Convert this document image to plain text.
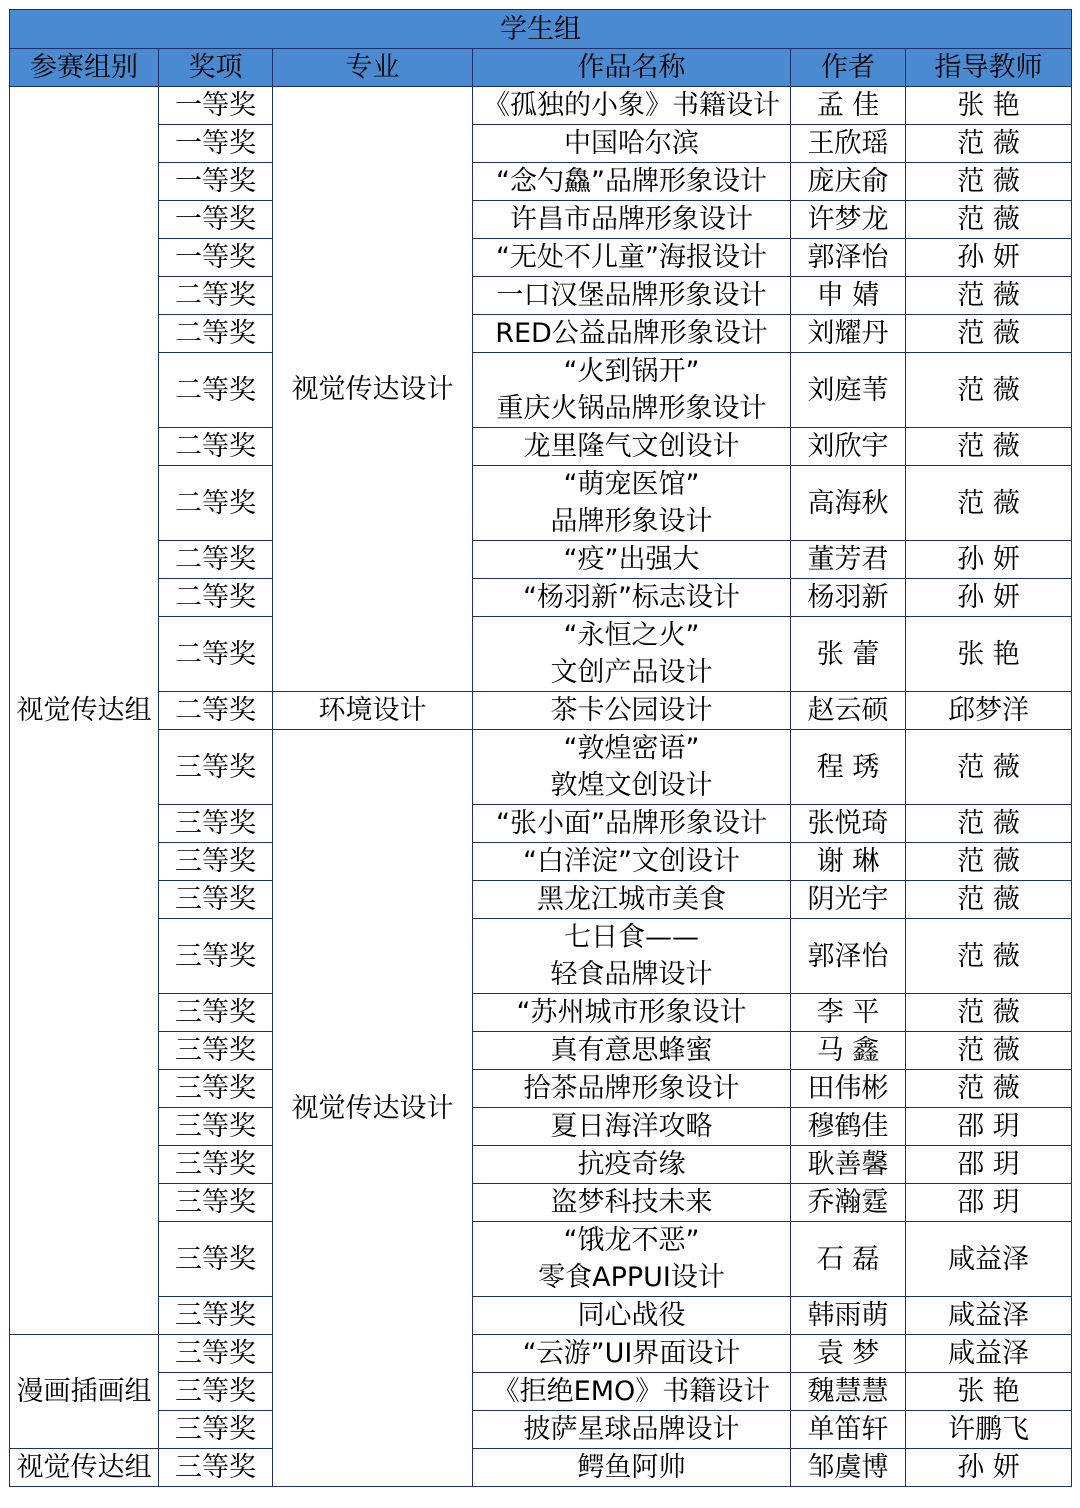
学生组					
参赛组别	奖项	专业	作品名称	作者	指导教师
视觉传达组	一等奖	视觉传达设计	《孤独的小象》书籍设计	孟 佳	张 艳
	一等奖		中国哈尔滨	王欣瑶	范 薇
	一等奖		“念勺鱻”品牌形象设计	庞庆俞	范 薇
	一等奖		许昌市品牌形象设计	许梦龙	范 薇
	一等奖		“无处不儿童”海报设计	郭泽怡	孙 妍
	二等奖		一口汉堡品牌形象设计	申 婧	范 薇
	二等奖		RED公益品牌形象设计	刘耀丹	范 薇
	二等奖		“火到锅开”
重庆火锅品牌形象设计	刘庭苇	范 薇
	二等奖		龙里隆气文创设计	刘欣宇	范 薇
	二等奖		“萌宠医馆”
品牌形象设计	高海秋	范 薇
	二等奖		“疫”出强大	董芳君	孙 妍
	二等奖		“杨羽新”标志设计	杨羽新	孙 妍
	二等奖		“永恒之火”
文创产品设计	张 蕾	张 艳
	二等奖	环境设计	茶卡公园设计	赵云硕	邱梦洋
	三等奖	视觉传达设计	“敦煌密语”
敦煌文创设计	程 琇	范 薇
	三等奖		“张小面”品牌形象设计	张悦琦	范 薇
	三等奖		“白洋淀”文创设计	谢 琳	范 薇
	三等奖		黑龙江城市美食	阴光宇	范 薇
	三等奖		七日食——
轻食品牌设计	郭泽怡	范 薇
	三等奖		“苏州城市形象设计	李 平	范 薇
	三等奖		真有意思蜂蜜	马 鑫	范 薇
	三等奖		拾茶品牌形象设计	田伟彬	范 薇
	三等奖		夏日海洋攻略	穆鹤佳	邵 玥
	三等奖		抗疫奇缘	耿善馨	邵 玥
	三等奖		盗梦科技未来	乔瀚霆	邵 玥
	三等奖		“饿龙不恶”
零食APPUI设计	石 磊	咸益泽
	三等奖		同心战役	韩雨萌	咸益泽
漫画插画组	三等奖		“云游”UI界面设计	袁 梦	咸益泽
	三等奖		《拒绝EMO》书籍设计	魏慧慧	张 艳
	三等奖		披萨星球品牌设计	单笛轩	许鹏飞
视觉传达组	三等奖		鳄鱼阿帅	邹虞博	孙 妍
